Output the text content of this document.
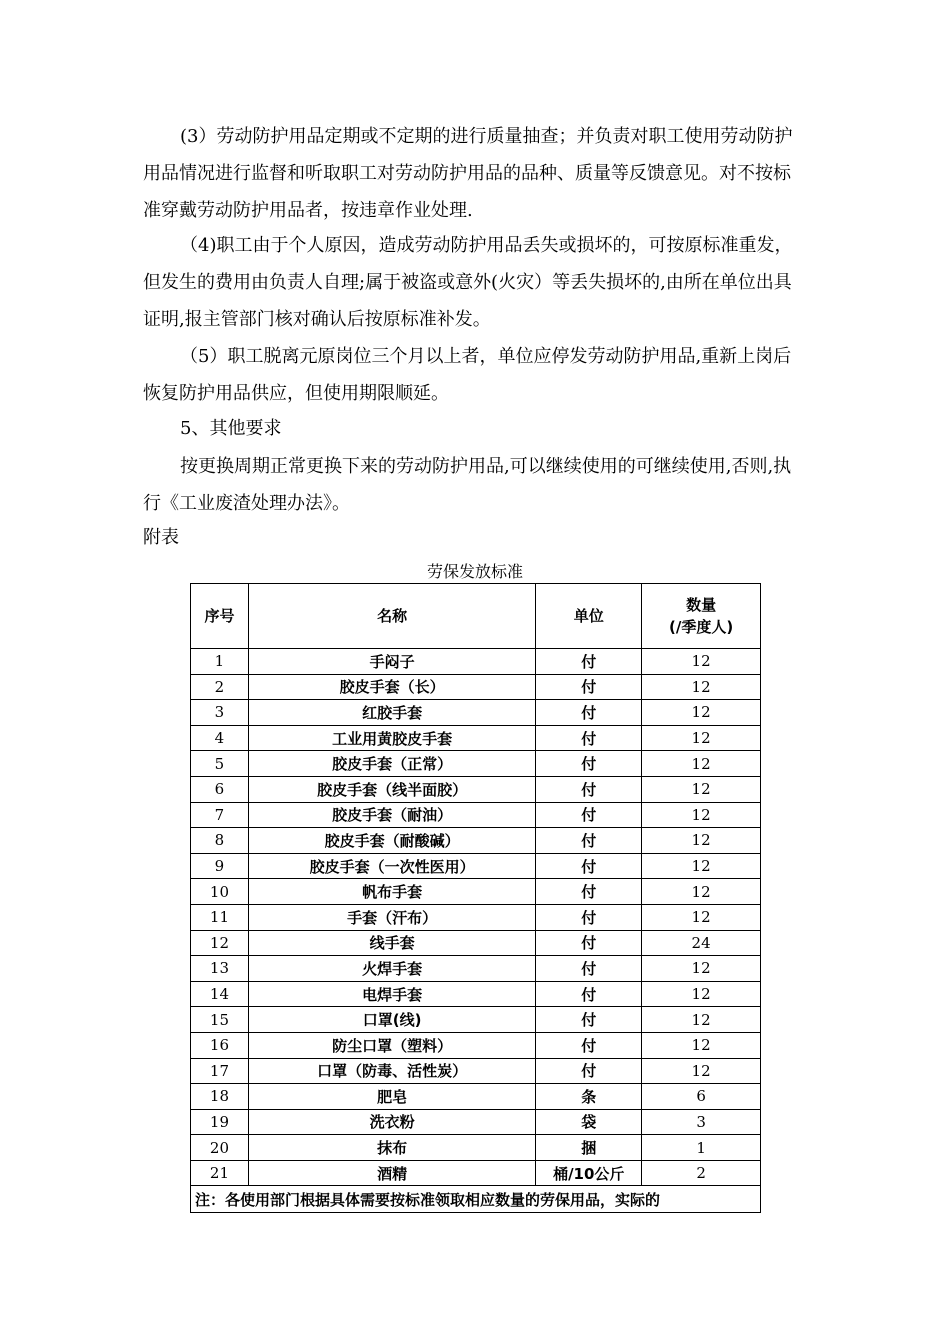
(3）劳动防护用品定期或不定期的进行质量抽查；并负责对职工使用劳动防护用品情况进行监督和听取职工对劳动防护用品的品种、质量等反馈意见。对不按标准穿戴劳动防护用品者，按违章作业处理.

（4)职工由于个人原因，造成劳动防护用品丢失或损坏的，可按原标准重发，但发生的费用由负责人自理;属于被盗或意外(火灾）等丢失损坏的,由所在单位出具证明,报主管部门核对确认后按原标准补发。

（5）职工脱离元原岗位三个月以上者，单位应停发劳动防护用品,重新上岗后恢复防护用品供应，但使用期限顺延。

5、其他要求

按更换周期正常更换下来的劳动防护用品,可以继续使用的可继续使用,否则,执行《工业废渣处理办法》。

附表

劳保发放标准
序号	名称	单位	数量
(/季度人)
1	手闷子	付	12
2	胶皮手套（长）	付	12
3	红胶手套	付	12
4	工业用黄胶皮手套	付	12
5	胶皮手套（正常）	付	12
6	胶皮手套（线半面胶）	付	12
7	胶皮手套（耐油）	付	12
8	胶皮手套（耐酸碱）	付	12
9	胶皮手套（一次性医用）	付	12
10	帆布手套	付	12
11	手套（汗布）	付	12
12	线手套	付	24
13	火焊手套	付	12
14	电焊手套	付	12
15	口罩(线)	付	12
16	防尘口罩（塑料）	付	12
17	口罩（防毒、活性炭）	付	12
18	肥皂	条	6
19	洗衣粉	袋	3
20	抹布	捆	1
21	酒精	桶/10公斤	2
注：各使用部门根据具体需要按标准领取相应数量的劳保用品，实际的			
